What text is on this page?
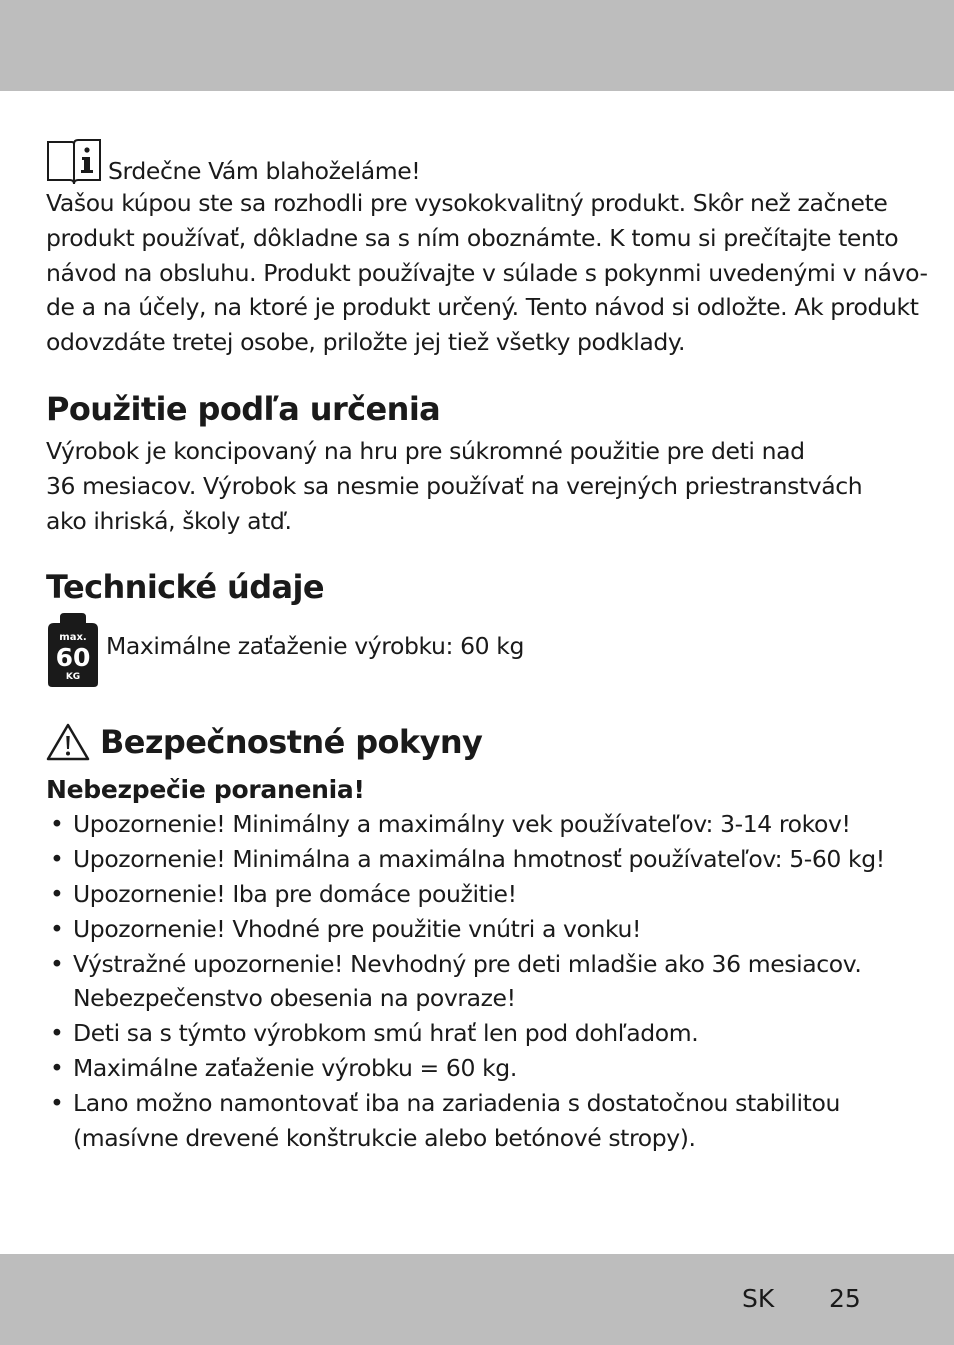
Srdečne Vám blahoželáme!

Vašou kúpou ste sa rozhodli pre vysokokvalitný produkt. Skôr než začnete
produkt používať, dôkladne sa s ním oboznámte. K tomu si prečítajte tento
návod na obsluhu. Produkt používajte v súlade s pokynmi uvedenými v návo-
de a na účely, na ktoré je produkt určený. Tento návod si odložte. Ak produkt
odovzdáte tretej osobe, priložte jej tiež všetky podklady.

Použitie podľa určenia

Výrobok je koncipovaný na hru pre súkromné použitie pre deti nad
36 mesiacov. Výrobok sa nesmie používať na verejných priestranstvách
ako ihriská, školy atď.

Technické údaje
max.
60
KG
Maximálne zaťaženie výrobku: 60 kg
Bezpečnostné pokyny

Nebezpečie poranenia!

• Upozornenie! Minimálny a maximálny vek používateľov: 3-14 rokov!
• Upozornenie! Minimálna a maximálna hmotnosť používateľov: 5-60 kg!
• Upozornenie! Iba pre domáce použitie!
• Upozornenie! Vhodné pre použitie vnútri a vonku!
• Výstražné upozornenie! Nevhodný pre deti mladšie ako 36 mesiacov.
Nebezpečenstvo obesenia na povraze!
• Deti sa s týmto výrobkom smú hrať len pod dohľadom.
• Maximálne zaťaženie výrobku = 60 kg.
• Lano možno namontovať iba na zariadenia s dostatočnou stabilitou
(masívne drevené konštrukcie alebo betónové stropy).
SK 25
